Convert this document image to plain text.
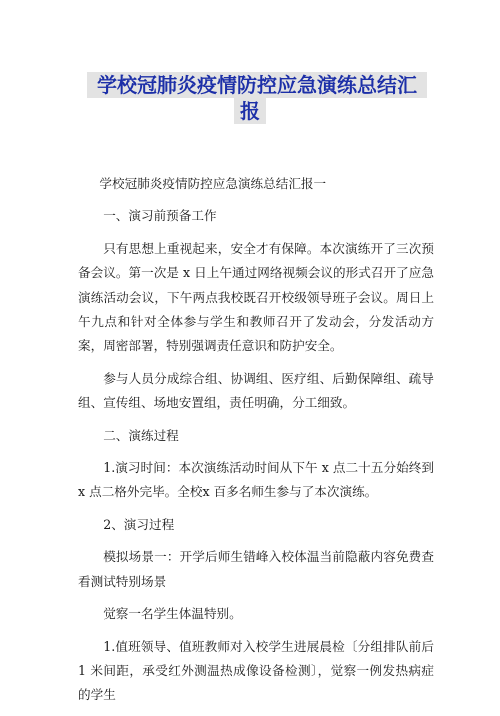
学校冠肺炎疫情防控应急演练总结汇
报

学校冠肺炎疫情防控应急演练总结汇报一

一、演习前预备工作

只有思想上重视起来，安全才有保障。本次演练开了三次预备会议。第一次是 x 日上午通过网络视频会议的形式召开了应急演练活动会议，下午两点我校既召开校级领导班子会议。周日上午九点和针对全体参与学生和教师召开了发动会，分发活动方案，周密部署，特别强调责任意识和防护安全。

参与人员分成综合组、协调组、医疗组、后勤保障组、疏导组、宣传组、场地安置组，责任明确，分工细致。

二、演练过程

1.演习时间：本次演练活动时间从下午 x 点二十五分始终到 x 点二格外完毕。全校x 百多名师生参与了本次演练。

2、演习过程

模拟场景一：开学后师生错峰入校体温当前隐蔽内容免费查看测试特别场景

觉察一名学生体温特别。

1.值班领导、值班教师对入校学生进展晨检〔分组排队前后 1 米间距，承受红外测温热成像设备检测〕，觉察一例发热病症的学生
